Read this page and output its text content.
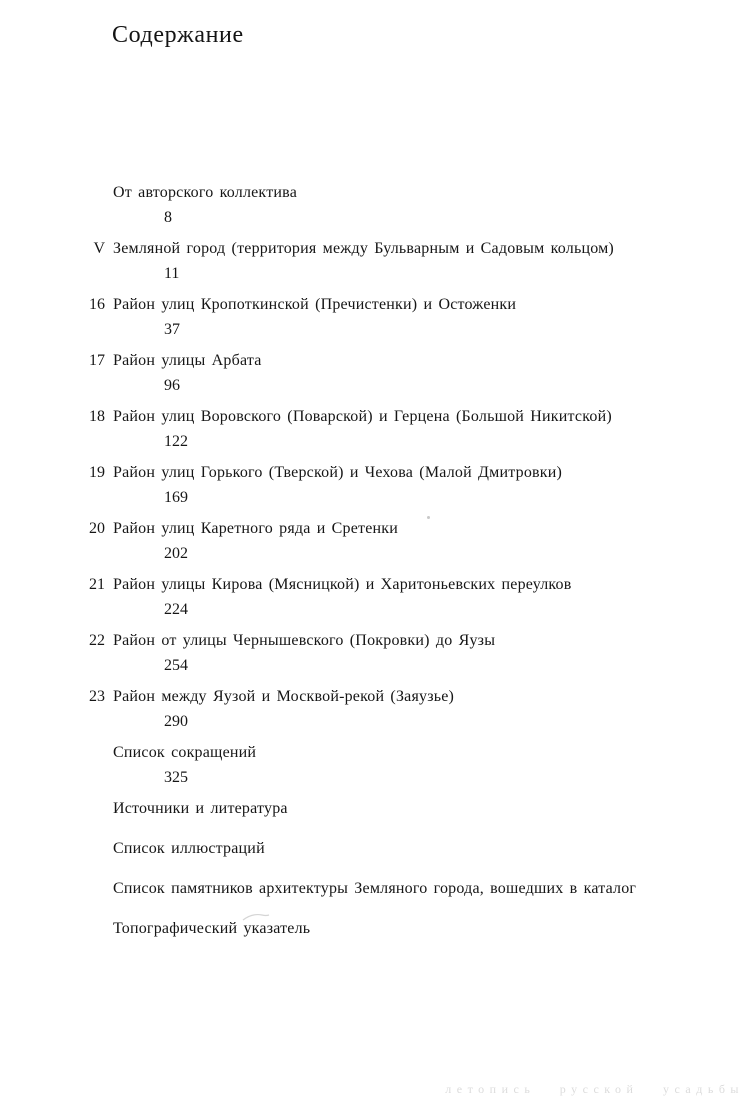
Содержание
От авторского коллектива
8
V Земляной город (территория между Бульварным и Садовым кольцом)
11
16 Район улиц Кропоткинской (Пречистенки) и Остоженки
37
17 Район улицы Арбата
96
18 Район улиц Воровского (Поварской) и Герцена (Большой Никитской)
122
19 Район улиц Горького (Тверской) и Чехова (Малой Дмитровки)
169
20 Район улиц Каретного ряда и Сретенки
202
21 Район улицы Кирова (Мясницкой) и Харитоньевских переулков
224
22 Район от улицы Чернышевского (Покровки) до Яузы
254
23 Район между Яузой и Москвой-рекой (Заяузье)
290
Список сокращений
325
Источники и литература
Список иллюстраций
Список памятников архитектуры Земляного города, вошедших в каталог
Топографический указатель
летопись русской усадьбы
